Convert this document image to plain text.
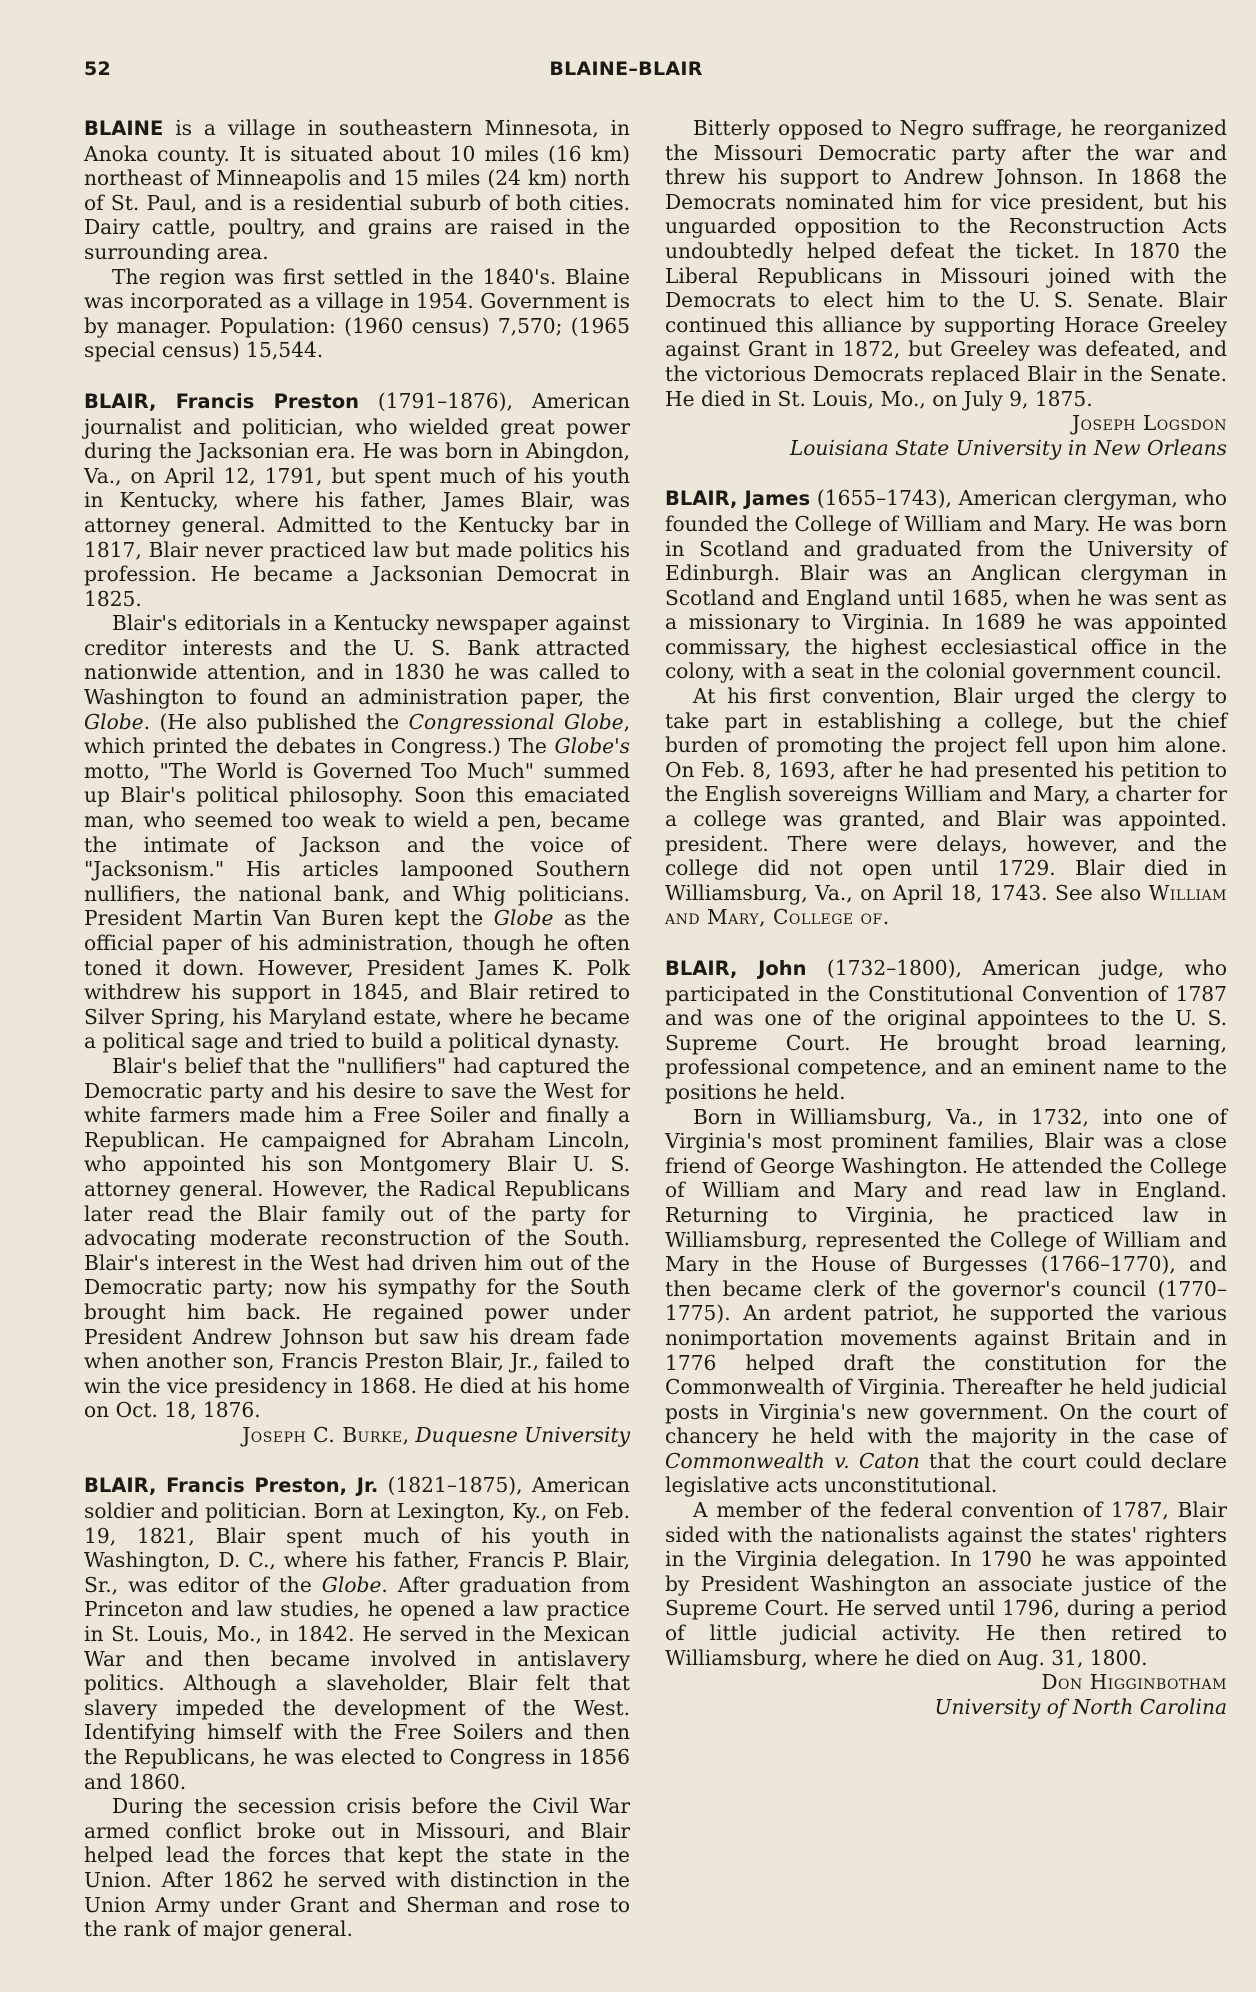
52	BLAINE–BLAIR

BLAINE is a village in southeastern Minnesota, in Anoka county. It is situated about 10 miles (16 km) northeast of Minneapolis and 15 miles (24 km) north of St. Paul, and is a residential suburb of both cities. Dairy cattle, poultry, and grains are raised in the surrounding area.

The region was first settled in the 1840's. Blaine was incorporated as a village in 1954. Government is by manager. Population: (1960 census) 7,570; (1965 special census) 15,544.

BLAIR, Francis Preston (1791–1876), American journalist and politician, who wielded great power during the Jacksonian era. He was born in Abingdon, Va., on April 12, 1791, but spent much of his youth in Kentucky, where his father, James Blair, was attorney general. Admitted to the Kentucky bar in 1817, Blair never practiced law but made politics his profession. He became a Jacksonian Democrat in 1825.

Blair's editorials in a Kentucky newspaper against creditor interests and the U. S. Bank attracted nationwide attention, and in 1830 he was called to Washington to found an administration paper, the Globe. (He also published the Congressional Globe, which printed the debates in Congress.) The Globe's motto, "The World is Governed Too Much" summed up Blair's political philosophy. Soon this emaciated man, who seemed too weak to wield a pen, became the intimate of Jackson and the voice of "Jacksonism." His articles lampooned Southern nullifiers, the national bank, and Whig politicians. President Martin Van Buren kept the Globe as the official paper of his administration, though he often toned it down. However, President James K. Polk withdrew his support in 1845, and Blair retired to Silver Spring, his Maryland estate, where he became a political sage and tried to build a political dynasty.

Blair's belief that the "nullifiers" had captured the Democratic party and his desire to save the West for white farmers made him a Free Soiler and finally a Republican. He campaigned for Abraham Lincoln, who appointed his son Montgomery Blair U. S. attorney general. However, the Radical Republicans later read the Blair family out of the party for advocating moderate reconstruction of the South. Blair's interest in the West had driven him out of the Democratic party; now his sympathy for the South brought him back. He regained power under President Andrew Johnson but saw his dream fade when another son, Francis Preston Blair, Jr., failed to win the vice presidency in 1868. He died at his home on Oct. 18, 1876.

Joseph C. Burke, Duquesne University

BLAIR, Francis Preston, Jr. (1821–1875), American soldier and politician. Born at Lexington, Ky., on Feb. 19, 1821, Blair spent much of his youth in Washington, D. C., where his father, Francis P. Blair, Sr., was editor of the Globe. After graduation from Princeton and law studies, he opened a law practice in St. Louis, Mo., in 1842. He served in the Mexican War and then became involved in antislavery politics. Although a slaveholder, Blair felt that slavery impeded the development of the West. Identifying himself with the Free Soilers and then the Republicans, he was elected to Congress in 1856 and 1860.

During the secession crisis before the Civil War armed conflict broke out in Missouri, and Blair helped lead the forces that kept the state in the Union. After 1862 he served with distinction in the Union Army under Grant and Sherman and rose to the rank of major general.

Bitterly opposed to Negro suffrage, he reorganized the Missouri Democratic party after the war and threw his support to Andrew Johnson. In 1868 the Democrats nominated him for vice president, but his unguarded opposition to the Reconstruction Acts undoubtedly helped defeat the ticket. In 1870 the Liberal Republicans in Missouri joined with the Democrats to elect him to the U. S. Senate. Blair continued this alliance by supporting Horace Greeley against Grant in 1872, but Greeley was defeated, and the victorious Democrats replaced Blair in the Senate. He died in St. Louis, Mo., on July 9, 1875.

Joseph Logsdon

Louisiana State University in New Orleans

BLAIR, James (1655–1743), American clergyman, who founded the College of William and Mary. He was born in Scotland and graduated from the University of Edinburgh. Blair was an Anglican clergyman in Scotland and England until 1685, when he was sent as a missionary to Virginia. In 1689 he was appointed commissary, the highest ecclesiastical office in the colony, with a seat in the colonial government council.

At his first convention, Blair urged the clergy to take part in establishing a college, but the chief burden of promoting the project fell upon him alone. On Feb. 8, 1693, after he had presented his petition to the English sovereigns William and Mary, a charter for a college was granted, and Blair was appointed. president. There were delays, however, and the college did not open until 1729. Blair died in Williamsburg, Va., on April 18, 1743. See also William and Mary, College of.

BLAIR, John (1732–1800), American judge, who participated in the Constitutional Convention of 1787 and was one of the original appointees to the U. S. Supreme Court. He brought broad learning, professional competence, and an eminent name to the positions he held.

Born in Williamsburg, Va., in 1732, into one of Virginia's most prominent families, Blair was a close friend of George Washington. He attended the College of William and Mary and read law in England. Returning to Virginia, he practiced law in Williamsburg, represented the College of William and Mary in the House of Burgesses (1766–1770), and then became clerk of the governor's council (1770–1775). An ardent patriot, he supported the various nonimportation movements against Britain and in 1776 helped draft the constitution for the Commonwealth of Virginia. Thereafter he held judicial posts in Virginia's new government. On the court of chancery he held with the majority in the case of Commonwealth v. Caton that the court could declare legislative acts unconstitutional.

A member of the federal convention of 1787, Blair sided with the nationalists against the states' righters in the Virginia delegation. In 1790 he was appointed by President Washington an associate justice of the Supreme Court. He served until 1796, during a period of little judicial activity. He then retired to Williamsburg, where he died on Aug. 31, 1800.

Don Higginbotham

University of North Carolina
